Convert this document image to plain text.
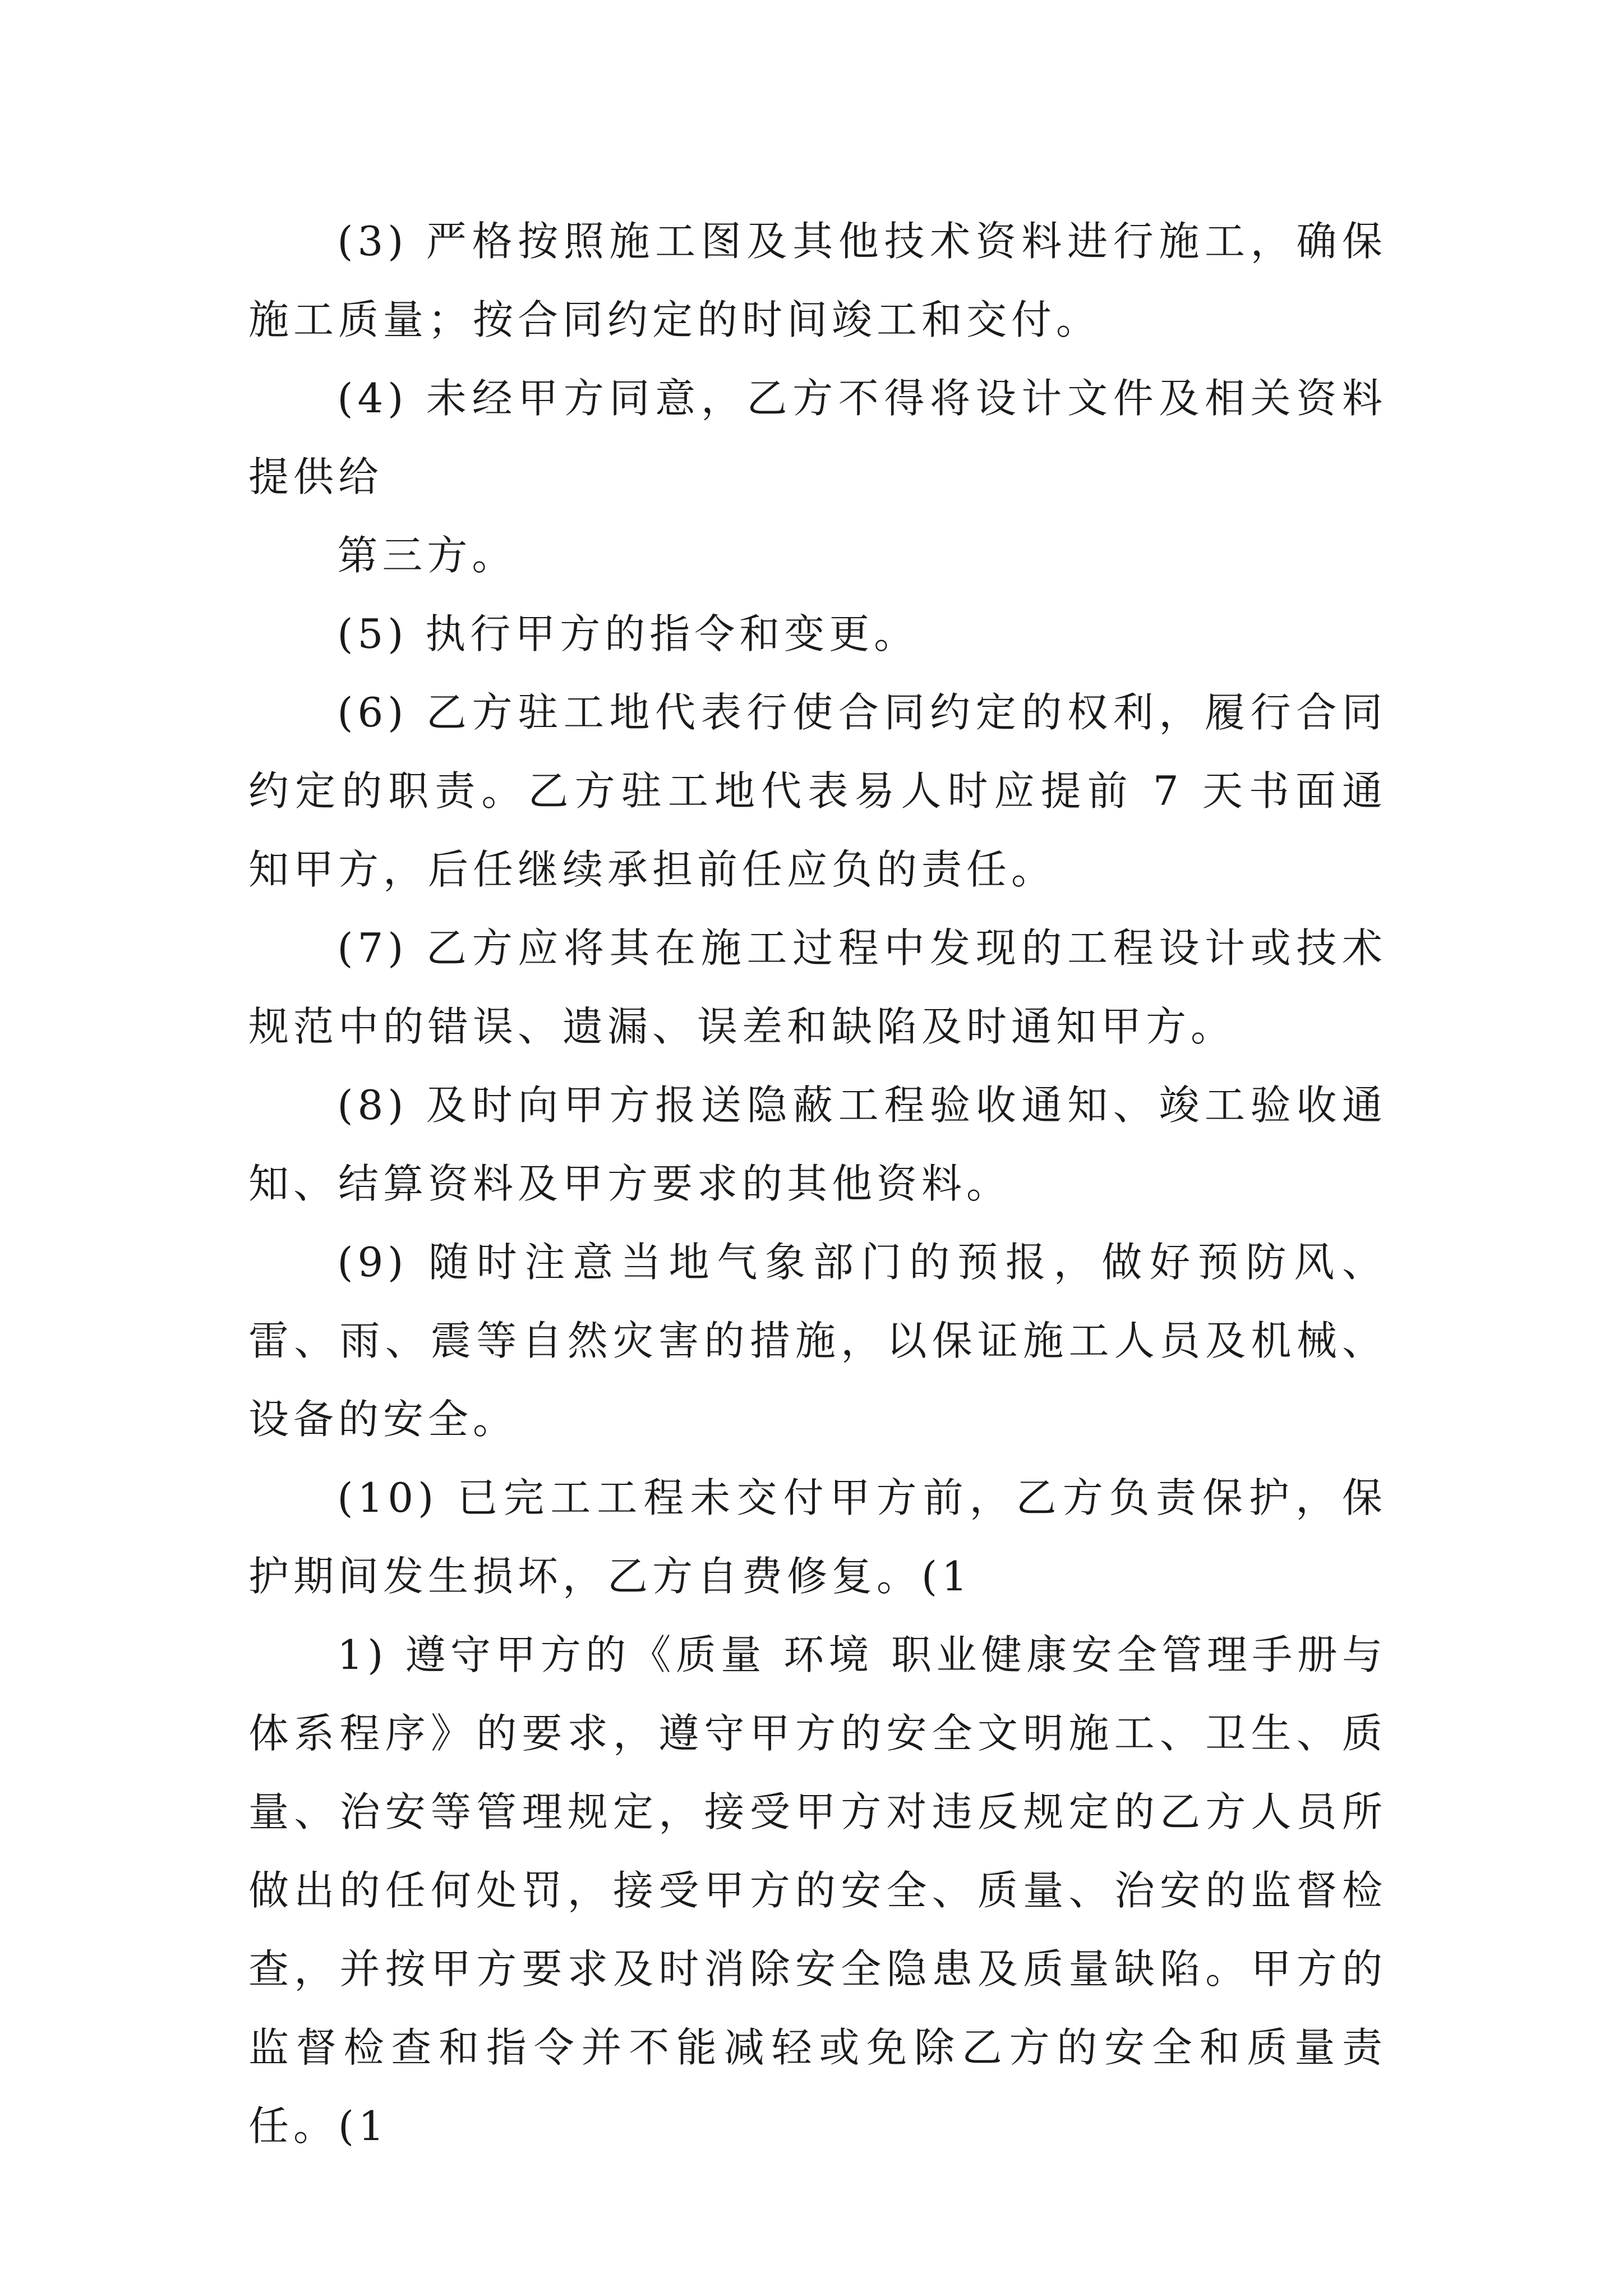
(3) 严格按照施工图及其他技术资料进行施工，确保施工质量；按合同约定的时间竣工和交付。

(4) 未经甲方同意，乙方不得将设计文件及相关资料提供给

第三方。

(5) 执行甲方的指令和变更。

(6) 乙方驻工地代表行使合同约定的权利，履行合同约定的职责。乙方驻工地代表易人时应提前 7 天书面通知甲方，后任继续承担前任应负的责任。

(7) 乙方应将其在施工过程中发现的工程设计或技术规范中的错误、遗漏、误差和缺陷及时通知甲方。

(8) 及时向甲方报送隐蔽工程验收通知、竣工验收通知、结算资料及甲方要求的其他资料。

(9) 随时注意当地气象部门的预报，做好预防风、雷、雨、震等自然灾害的措施，以保证施工人员及机械、设备的安全。

(10) 已完工工程未交付甲方前，乙方负责保护，保护期间发生损坏，乙方自费修复。(1

1) 遵守甲方的《质量 环境 职业健康安全管理手册与体系程序》的要求，遵守甲方的安全文明施工、卫生、质量、治安等管理规定，接受甲方对违反规定的乙方人员所做出的任何处罚，接受甲方的安全、质量、治安的监督检查，并按甲方要求及时消除安全隐患及质量缺陷。甲方的监督检查和指令并不能减轻或免除乙方的安全和质量责任。(1
